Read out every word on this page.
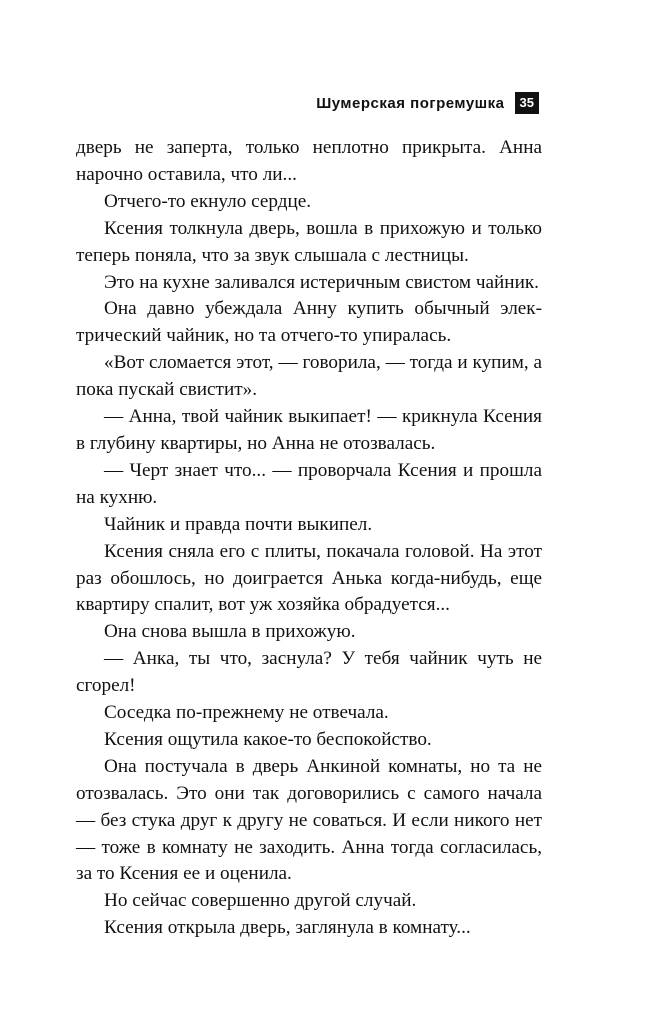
Шумерская погремушка	35

дверь не заперта, только неплотно прикрыта. Анна нарочно оставила, что ли...

Отчего-то екнуло сердце.

Ксения толкнула дверь, вошла в прихожую и только теперь поняла, что за звук слышала с лестницы.

Это на кухне заливался истеричным свистом чайник.

Она давно убеждала Анну купить обычный электрический чайник, но та отчего-то упиралась.

«Вот сломается этот, — говорила, — тогда и купим, а пока пускай свистит».

— Анна, твой чайник выкипает! — крикнула Ксения в глубину квартиры, но Анна не отозвалась.

— Черт знает что... — проворчала Ксения и прошла на кухню.

Чайник и правда почти выкипел.

Ксения сняла его с плиты, покачала головой. На этот раз обошлось, но доиграется Анька когда-нибудь, еще квартиру спалит, вот уж хозяйка обрадуется...

Она снова вышла в прихожую.

— Анка, ты что, заснула? У тебя чайник чуть не сгорел!

Соседка по-прежнему не отвечала.

Ксения ощутила какое-то беспокойство.

Она постучала в дверь Анкиной комнаты, но та не отозвалась. Это они так договорились с самого начала — без стука друг к другу не соваться. И если никого нет — тоже в комнату не заходить. Анна тогда согласилась, за то Ксения ее и оценила.

Но сейчас совершенно другой случай.

Ксения открыла дверь, заглянула в комнату...
